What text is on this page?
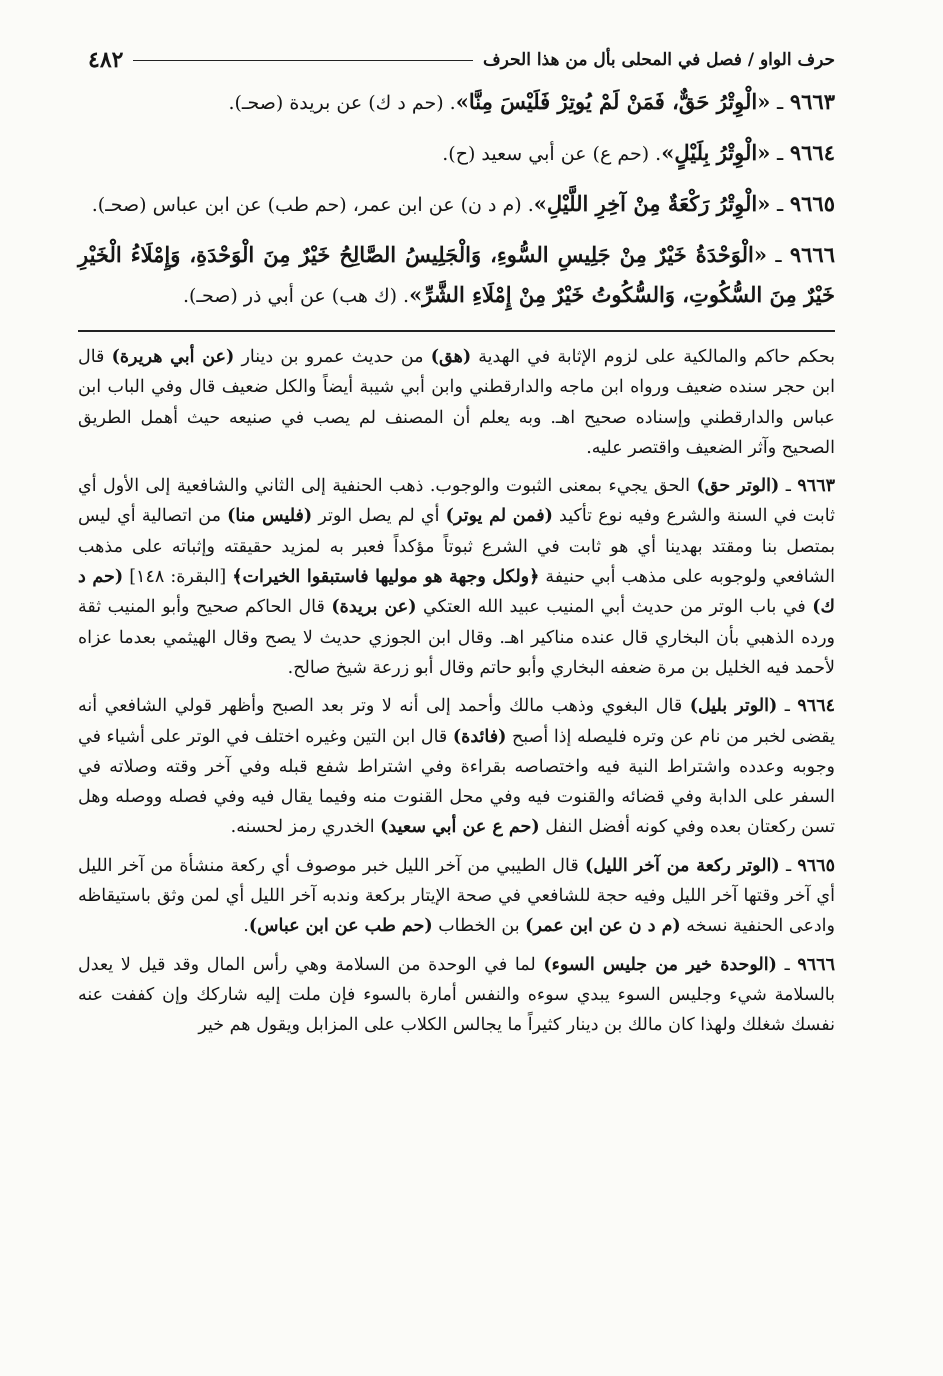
حرف الواو / فصل في المحلى بأل من هذا الحرف
٤٨٢

٩٦٦٣ ـ «الْوِتْرُ حَقٌّ، فَمَنْ لَمْ يُوتِرْ فَلَيْسَ مِنَّا». (حم د ك) عن بريدة (صحـ).

٩٦٦٤ ـ «الْوِتْرُ بِلَيْلٍ». (حم ع) عن أبي سعيد (ح).

٩٦٦٥ ـ «الْوِتْرُ رَكْعَةٌ مِنْ آخِرِ اللَّيْلِ». (م د ن) عن ابن عمر، (حم طب) عن ابن عباس (صحـ).

٩٦٦٦ ـ «الْوَحْدَةُ خَيْرٌ مِنْ جَلِيسِ السُّوءِ، وَالْجَلِيسُ الصَّالِحُ خَيْرٌ مِنَ الْوَحْدَةِ، وَإِمْلَاءُ الْخَيْرِ خَيْرٌ مِنَ السُّكُوتِ، وَالسُّكُوتُ خَيْرٌ مِنْ إِمْلَاءِ الشَّرِّ». (ك هب) عن أبي ذر (صحـ).

بحكم حاكم والمالكية على لزوم الإثابة في الهدية (هق) من حديث عمرو بن دينار (عن أبي هريرة) قال ابن حجر سنده ضعيف ورواه ابن ماجه والدارقطني وابن أبي شيبة أيضاً والكل ضعيف قال وفي الباب ابن عباس والدارقطني وإسناده صحيح اهـ. وبه يعلم أن المصنف لم يصب في صنيعه حيث أهمل الطريق الصحيح وآثر الضعيف واقتصر عليه.

٩٦٦٣ ـ (الوتر حق) الحق يجيء بمعنى الثبوت والوجوب. ذهب الحنفية إلى الثاني والشافعية إلى الأول أي ثابت في السنة والشرع وفيه نوع تأكيد (فمن لم يوتر) أي لم يصل الوتر (فليس منا) من اتصالية أي ليس بمتصل بنا ومقتد بهدينا أي هو ثابت في الشرع ثبوتاً مؤكداً فعبر به لمزيد حقيقته وإثباته على مذهب الشافعي ولوجوبه على مذهب أبي حنيفة ﴿ولكل وجهة هو موليها فاستبقوا الخيرات﴾ [البقرة: ١٤٨] (حم د ك) في باب الوتر من حديث أبي المنيب عبيد الله العتكي (عن بريدة) قال الحاكم صحيح وأبو المنيب ثقة ورده الذهبي بأن البخاري قال عنده مناكير اهـ. وقال ابن الجوزي حديث لا يصح وقال الهيثمي بعدما عزاه لأحمد فيه الخليل بن مرة ضعفه البخاري وأبو حاتم وقال أبو زرعة شيخ صالح.

٩٦٦٤ ـ (الوتر بليل) قال البغوي وذهب مالك وأحمد إلى أنه لا وتر بعد الصبح وأظهر قولي الشافعي أنه يقضى لخبر من نام عن وتره فليصله إذا أصبح (فائدة) قال ابن التين وغيره اختلف في الوتر على أشياء في وجوبه وعدده واشتراط النية فيه واختصاصه بقراءة وفي اشتراط شفع قبله وفي آخر وقته وصلاته في السفر على الدابة وفي قضائه والقنوت فيه وفي محل القنوت منه وفيما يقال فيه وفي فصله ووصله وهل تسن ركعتان بعده وفي كونه أفضل النفل (حم ع عن أبي سعيد) الخدري رمز لحسنه.

٩٦٦٥ ـ (الوتر ركعة من آخر الليل) قال الطيبي من آخر الليل خبر موصوف أي ركعة منشأة من آخر الليل أي آخر وقتها آخر الليل وفيه حجة للشافعي في صحة الإيتار بركعة وندبه آخر الليل أي لمن وثق باستيقاظه وادعى الحنفية نسخه (م د ن عن ابن عمر) بن الخطاب (حم طب عن ابن عباس).

٩٦٦٦ ـ (الوحدة خير من جليس السوء) لما في الوحدة من السلامة وهي رأس المال وقد قيل لا يعدل بالسلامة شيء وجليس السوء يبدي سوءه والنفس أمارة بالسوء فإن ملت إليه شاركك وإن كففت عنه نفسك شغلك ولهذا كان مالك بن دينار كثيراً ما يجالس الكلاب على المزابل ويقول هم خير
